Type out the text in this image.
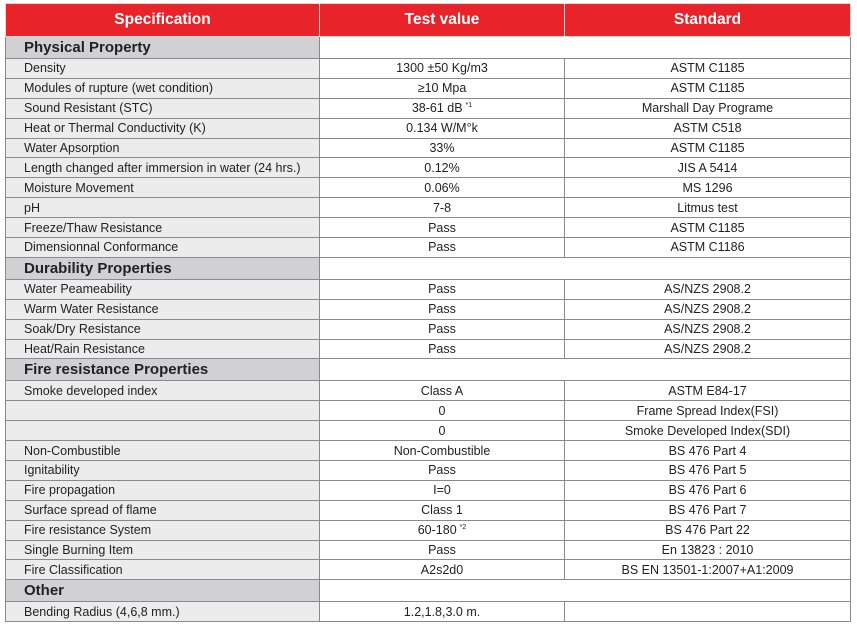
Specification	Test value	Standard
Physical Property		
Density	1300 ±50 Kg/m3	ASTM C1185
Modules of rupture (wet condition)	≥10 Mpa	ASTM C1185
Sound Resistant (STC)	38-61 dB $^{*1}$	Marshall Day Programe
Heat or Thermal Conductivity (K)	0.134 W/M°k	ASTM C518
Water Apsorption	33%	ASTM C1185
Length changed after immersion in water (24 hrs.)	0.12%	JIS A 5414
Moisture Movement	0.06%	MS 1296
pH	7-8	Litmus test
Freeze/Thaw Resistance	Pass	ASTM C1185
Dimensionnal Conformance	Pass	ASTM C1186
Durability Properties		
Water Peameability	Pass	AS/NZS 2908.2
Warm Water Resistance	Pass	AS/NZS 2908.2
Soak/Dry Resistance	Pass	AS/NZS 2908.2
Heat/Rain Resistance	Pass	AS/NZS 2908.2
Fire resistance Properties		
Smoke developed index	Class A	ASTM E84-17
	0	Frame Spread Index(FSI)
	0	Smoke Developed Index(SDI)
Non-Combustible	Non-Combustible	BS 476 Part 4
Ignitability	Pass	BS 476 Part 5
Fire propagation	I=0	BS 476 Part 6
Surface spread of flame	Class 1	BS 476 Part 7
Fire resistance System	60-180 $^{*2}$	BS 476 Part 22
Single Burning Item	Pass	En 13823 : 2010
Fire Classification	A2s2d0	BS EN 13501-1:2007+A1:2009
Other		
Bending Radius (4,6,8 mm.)	1.2,1.8,3.0 m.	
